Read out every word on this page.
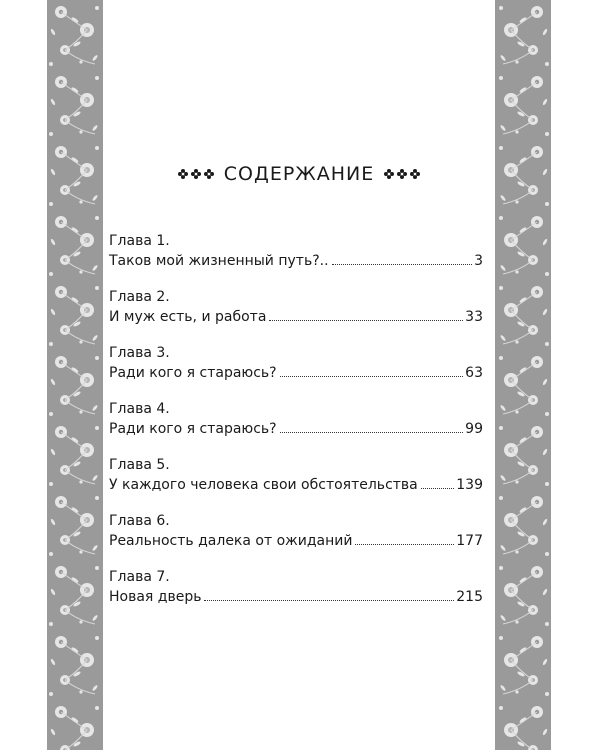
СОДЕРЖАНИЕ
Глава 1.
Таков мой жизненный путь?..	3
Глава 2.
И муж есть, и работа	33
Глава 3.
Ради кого я стараюсь?	63
Глава 4.
Ради кого я стараюсь?	99
Глава 5.
У каждого человека свои обстоятельства	139
Глава 6.
Реальность далека от ожиданий	177
Глава 7.
Новая дверь	215
